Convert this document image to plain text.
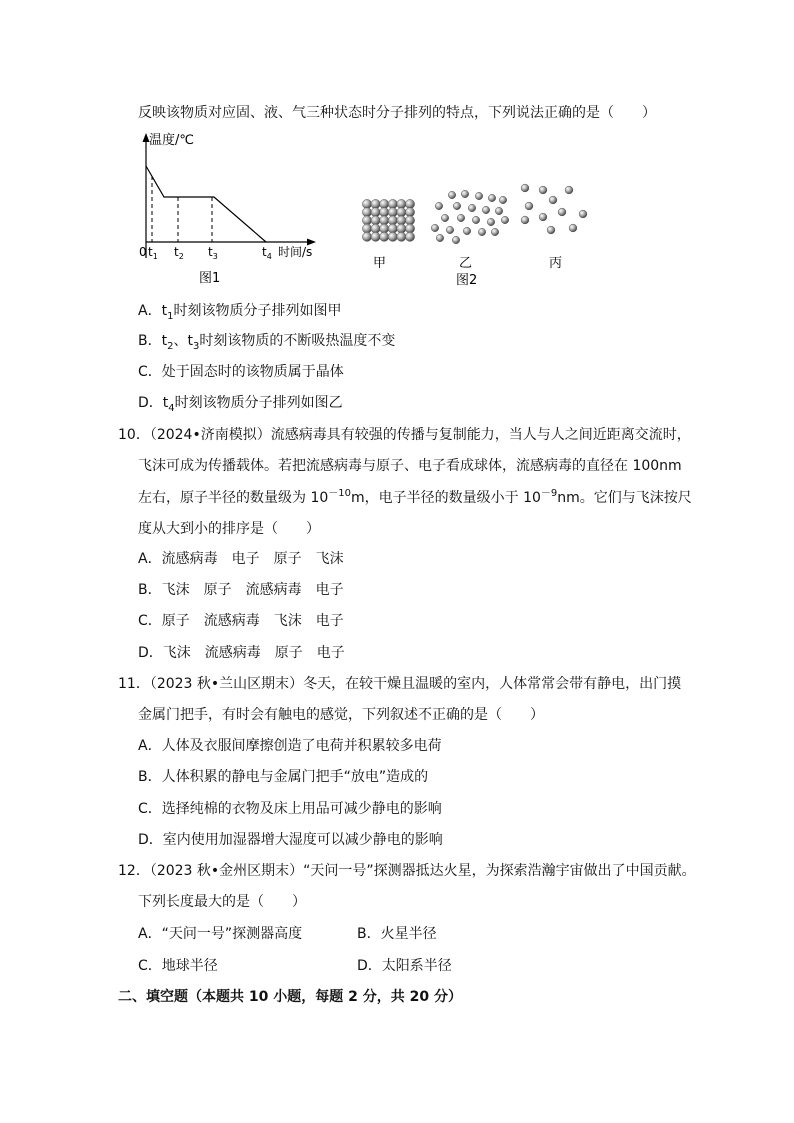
反映该物质对应固、液、气三种状态时分子排列的特点，下列说法正确的是（　　）
温度/℃
0 $t_1$ $t_2$ $t_3$	$t_4$ 时间/s
图1
甲	乙	丙
图2
A．$t_1$时刻该物质分子排列如图甲
B．$t_2$、$t_3$时刻该物质的不断吸热温度不变
C．处于固态时的该物质属于晶体
D．$t_4$时刻该物质分子排列如图乙
10．（2024•济南模拟）流感病毒具有较强的传播与复制能力，当人与人之间近距离交流时，
飞沫可成为传播载体。若把流感病毒与原子、电子看成球体，流感病毒的直径在 100nm
左右，原子半径的数量级为 $10^{-10}m$，电子半径的数量级小于 $10^{-9}nm$。它们与飞沫按尺
度从大到小的排序是（　　）
A．流感病毒　电子　原子　飞沫
B．飞沫　原子　流感病毒　电子
C．原子　流感病毒　飞沫　电子
D．飞沫　流感病毒　原子　电子
11．（2023 秋•兰山区期末）冬天，在较干燥且温暖的室内，人体常常会带有静电，出门摸
金属门把手，有时会有触电的感觉，下列叙述不正确的是（　　）
A．人体及衣服间摩擦创造了电荷并积累较多电荷
B．人体积累的静电与金属门把手“放电”造成的
C．选择纯棉的衣物及床上用品可减少静电的影响
D．室内使用加湿器增大湿度可以减少静电的影响
12．（2023 秋•金州区期末）“天问一号”探测器抵达火星，为探索浩瀚宇宙做出了中国贡献。
下列长度最大的是（　　）
A．“天问一号”探测器高度	B．火星半径
C．地球半径	D．太阳系半径
二、填空题（本题共 10 小题，每题 2 分，共 20 分）
